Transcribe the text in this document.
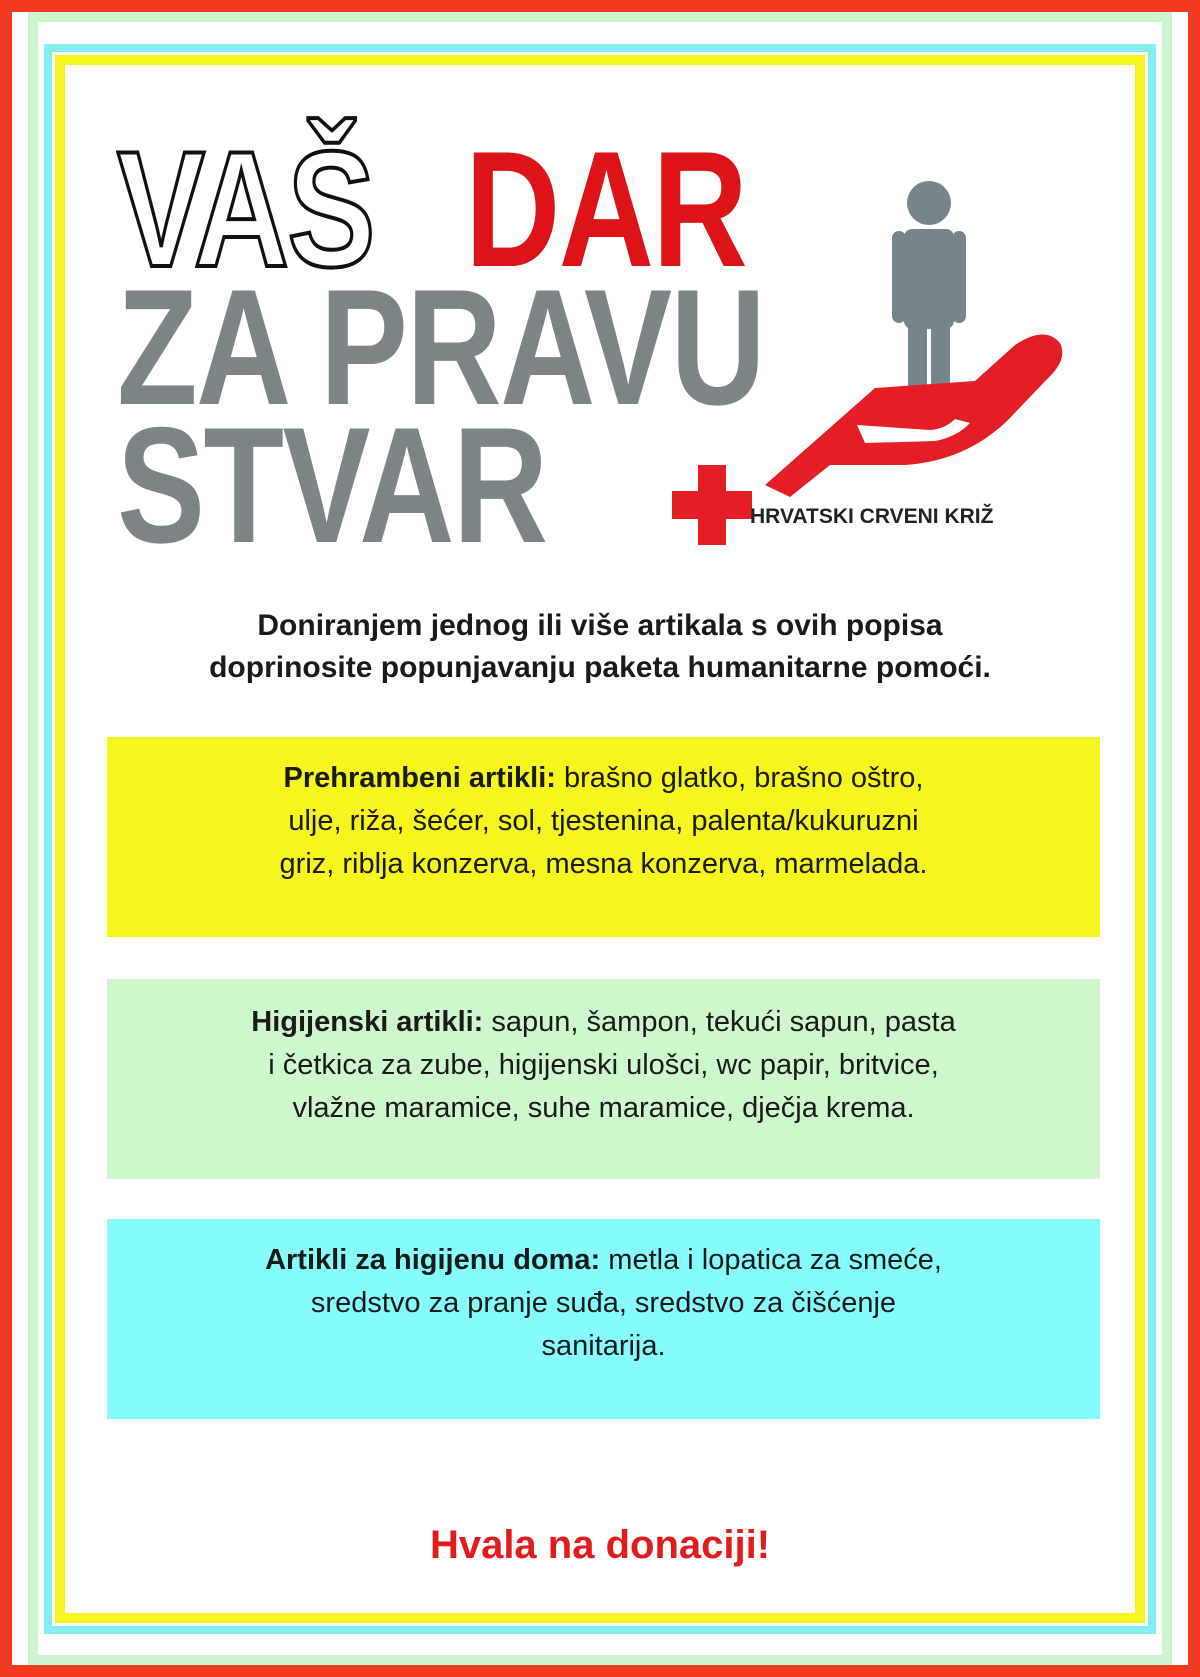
VAŠ DAR
ZA PRAVU
STVAR	HRVATSKI CRVENI KRIŽ
Doniranjem jednog ili više artikala s ovih popisa
doprinosite popunjavanju paketa humanitarne pomoći.
Prehrambeni artikli: brašno glatko, brašno oštro,
ulje, riža, šećer, sol, tjestenina, palenta/kukuruzni
griz, riblja konzerva, mesna konzerva, marmelada.
Higijenski artikli: sapun, šampon, tekući sapun, pasta
i četkica za zube, higijenski ulošci, wc papir, britvice,
vlažne maramice, suhe maramice, dječja krema.
Artikli za higijenu doma: metla i lopatica za smeće,
sredstvo za pranje suđa, sredstvo za čišćenje
sanitarija.
Hvala na donaciji!
